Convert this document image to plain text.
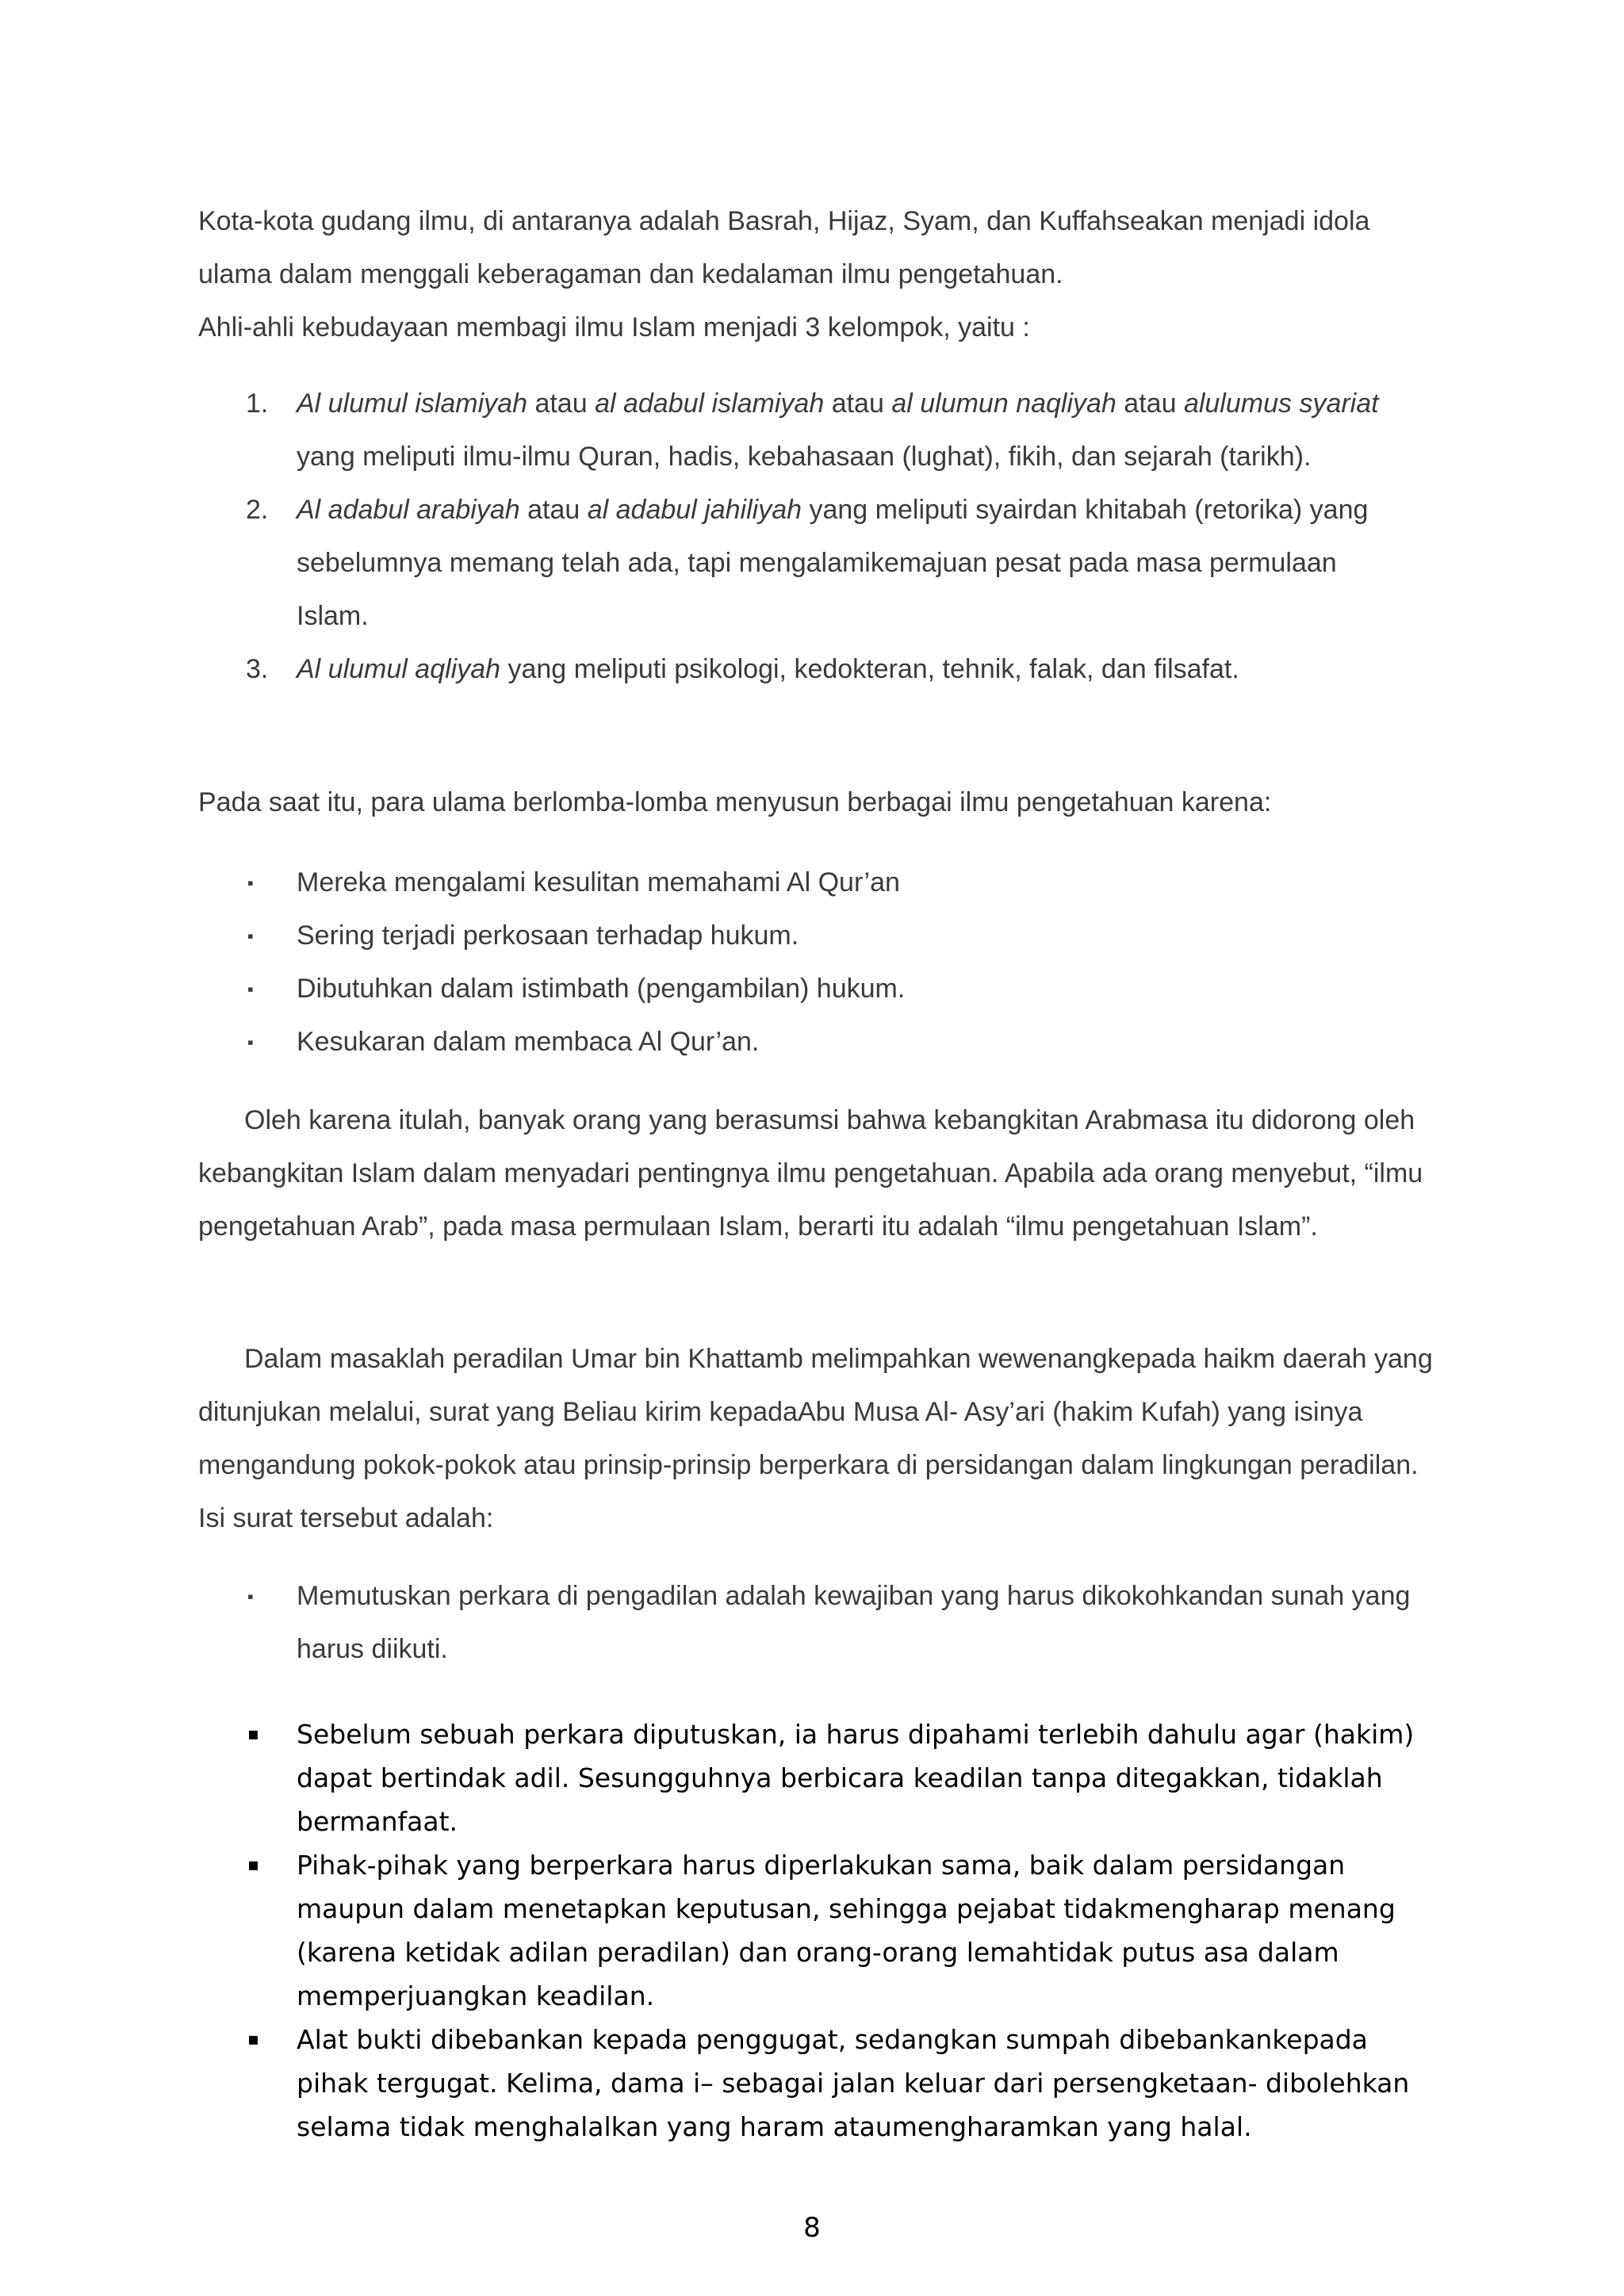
Kota-kota gudang ilmu, di antaranya adalah Basrah, Hijaz, Syam, dan Kuffahseakan menjadi idola ulama dalam menggali keberagaman dan kedalaman ilmu pengetahuan.

Ahli-ahli kebudayaan membagi ilmu Islam menjadi 3 kelompok, yaitu :

1. Al ulumul islamiyah atau al adabul islamiyah atau al ulumun naqliyah atau alulumus syariat yang meliputi ilmu-ilmu Quran, hadis, kebahasaan (lughat), fikih, dan sejarah (tarikh).
2. Al adabul arabiyah atau al adabul jahiliyah yang meliputi syairdan khitabah (retorika) yang sebelumnya memang telah ada, tapi mengalamikemajuan pesat pada masa permulaan Islam.
3. Al ulumul aqliyah yang meliputi psikologi, kedokteran, tehnik, falak, dan filsafat.

Pada saat itu, para ulama berlomba-lomba menyusun berbagai ilmu pengetahuan karena:

▪ Mereka mengalami kesulitan memahami Al Qur’an
▪ Sering terjadi perkosaan terhadap hukum.
▪ Dibutuhkan dalam istimbath (pengambilan) hukum.
▪ Kesukaran dalam membaca Al Qur’an.

Oleh karena itulah, banyak orang yang berasumsi bahwa kebangkitan Arabmasa itu didorong oleh kebangkitan Islam dalam menyadari pentingnya ilmu pengetahuan. Apabila ada orang menyebut, “ilmu pengetahuan Arab”, pada masa permulaan Islam, berarti itu adalah “ilmu pengetahuan Islam”.

Dalam masaklah peradilan Umar bin Khattamb melimpahkan wewenangkepada haikm daerah yang ditunjukan melalui, surat yang Beliau kirim kepadaAbu Musa Al- Asy’ari (hakim Kufah) yang isinya mengandung pokok-pokok atau prinsip-prinsip berperkara di persidangan dalam lingkungan peradilan. Isi surat tersebut adalah:

▪ Memutuskan perkara di pengadilan adalah kewajiban yang harus dikokohkandan sunah yang harus diikuti.
▪ Sebelum sebuah perkara diputuskan, ia harus dipahami terlebih dahulu agar (hakim) dapat bertindak adil. Sesungguhnya berbicara keadilan tanpa ditegakkan, tidaklah bermanfaat.
▪ Pihak-pihak yang berperkara harus diperlakukan sama, baik dalam persidangan maupun dalam menetapkan keputusan, sehingga pejabat tidakmengharap menang (karena ketidak adilan peradilan) dan orang-orang lemahtidak putus asa dalam memperjuangkan keadilan.
▪ Alat bukti dibebankan kepada penggugat, sedangkan sumpah dibebankankepada pihak tergugat. Kelima, dama i– sebagai jalan keluar dari persengketaan- dibolehkan selama tidak menghalalkan yang haram ataumengharamkan yang halal.
8
